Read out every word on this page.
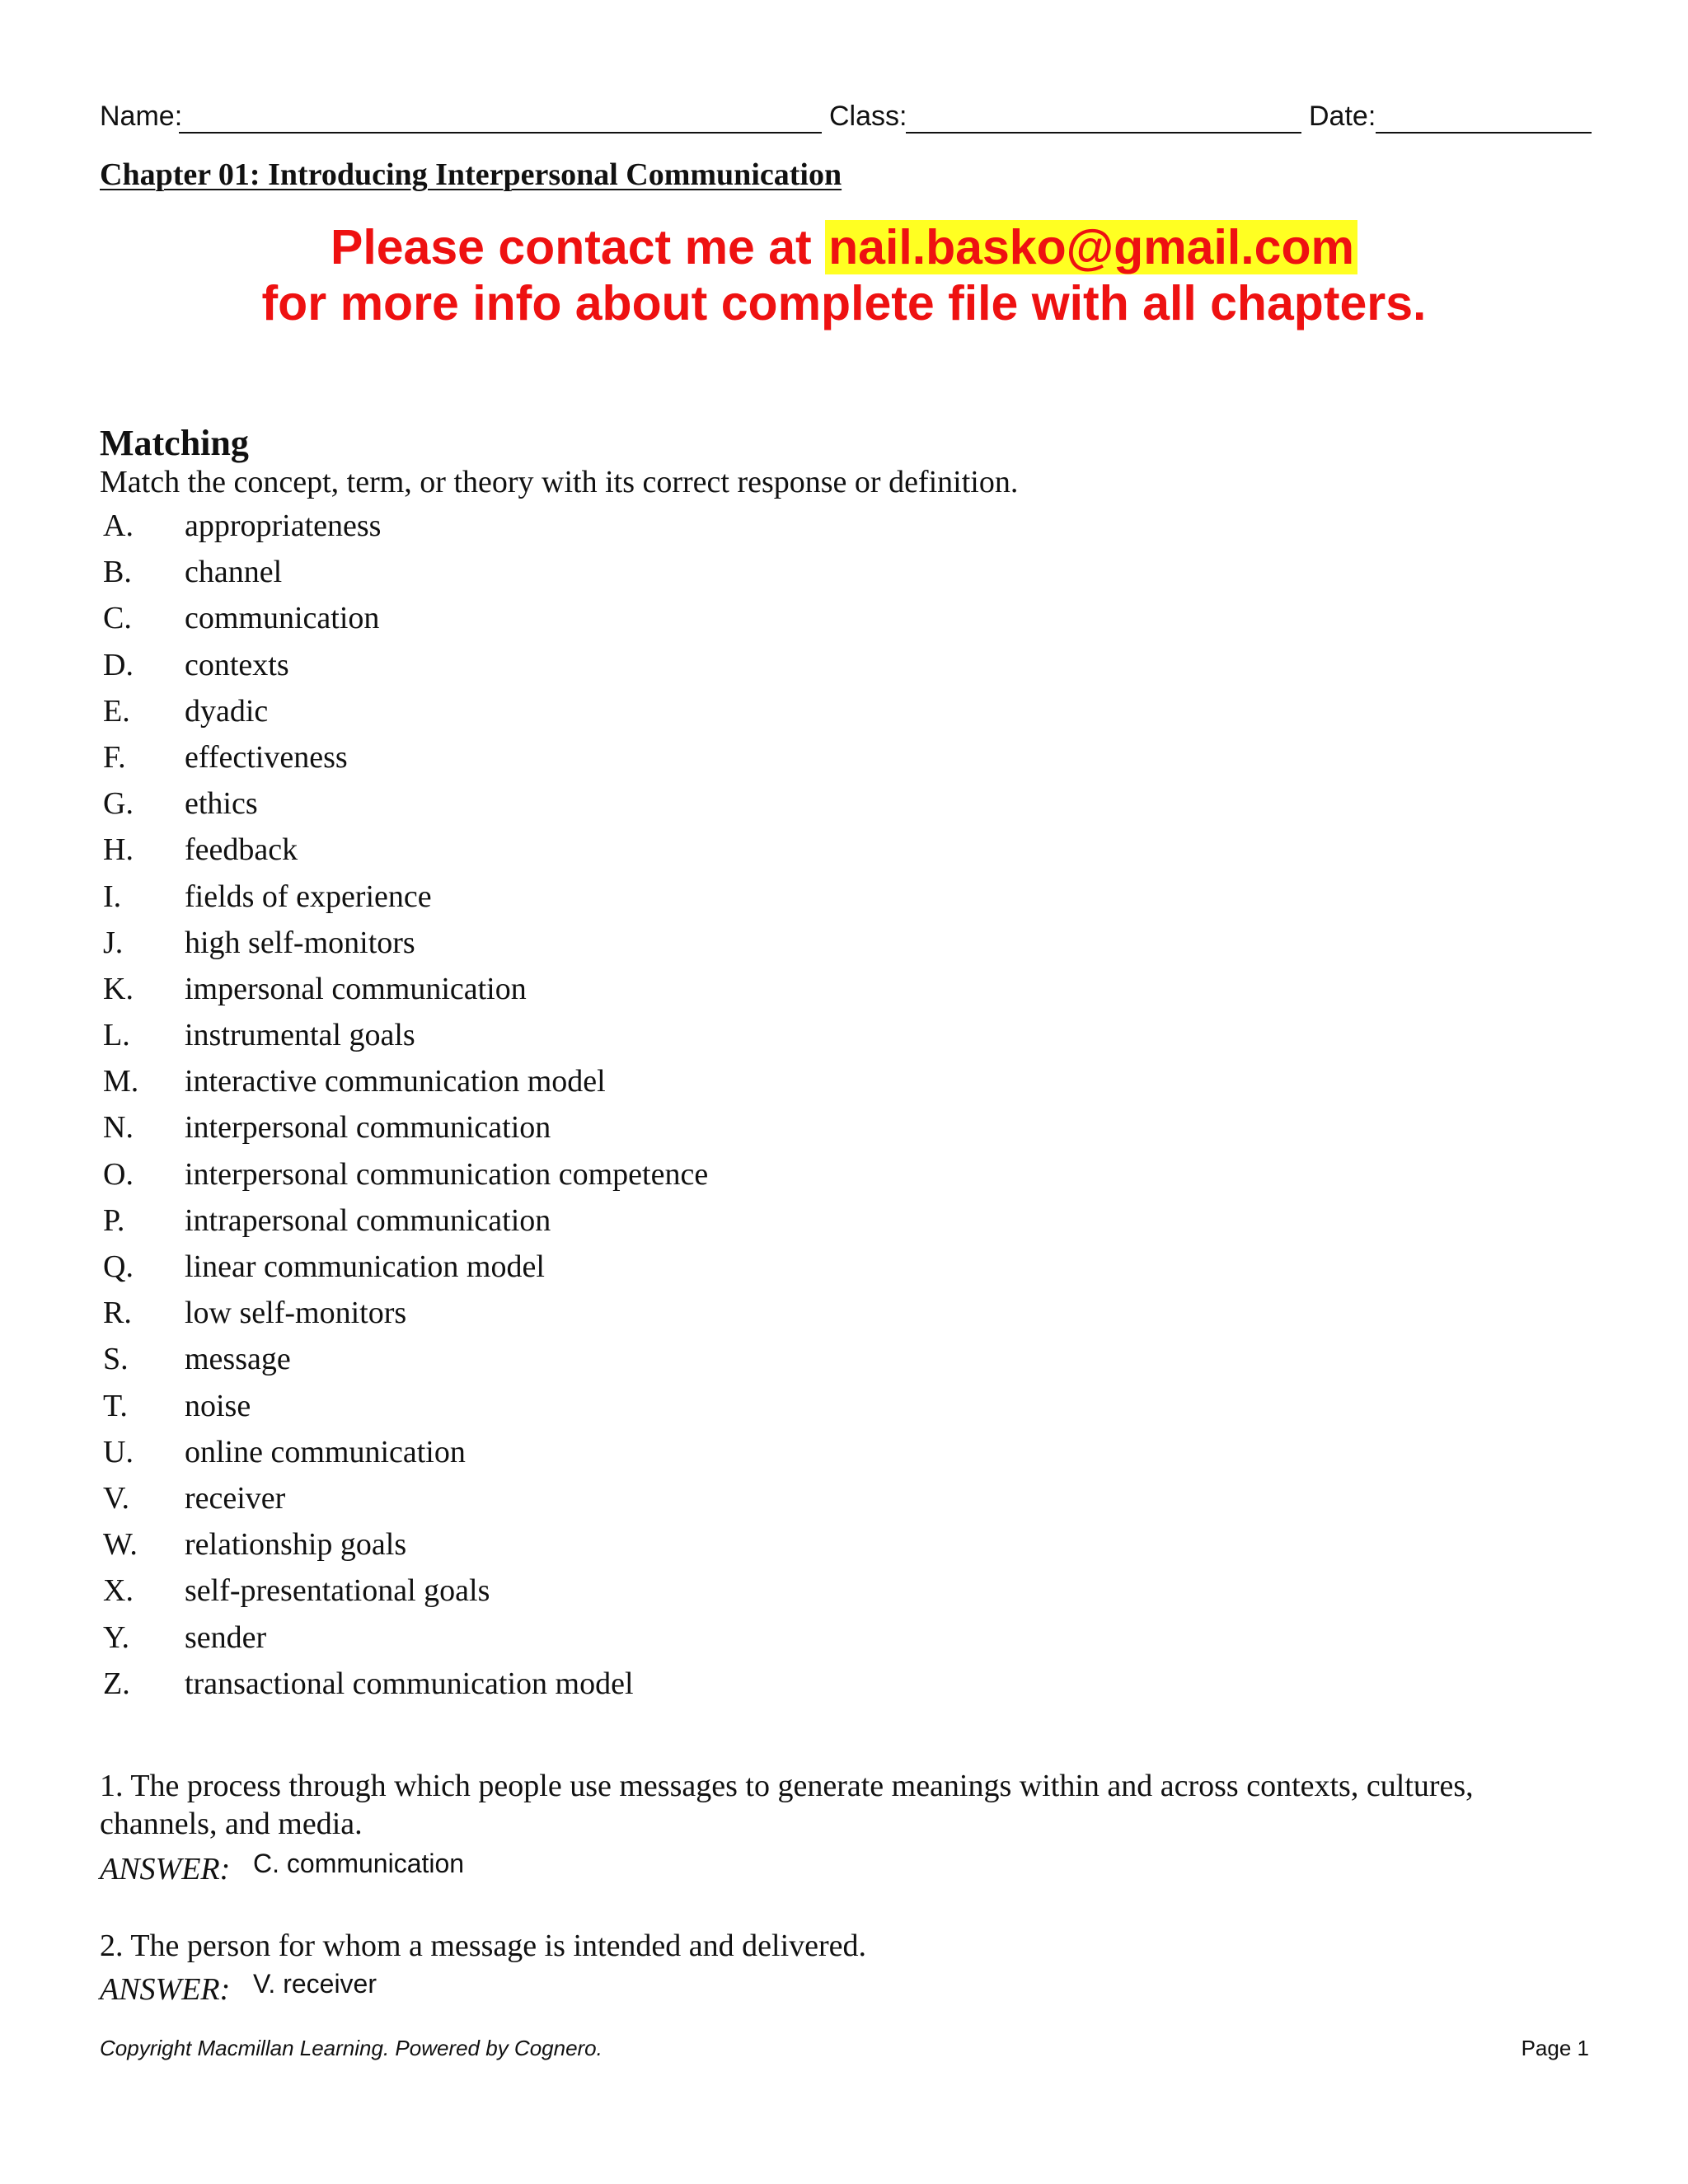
Name:	Class:	Date:
Chapter 01: Introducing Interpersonal Communication
Please contact me at nail.basko@gmail.com
for more info about complete file with all chapters.
Matching
Match the concept, term, or theory with its correct response or definition.
A. appropriateness
B. channel
C. communication
D. contexts
E. dyadic
F. effectiveness
G. ethics
H. feedback
I. fields of experience
J. high self-monitors
K. impersonal communication
L. instrumental goals
M. interactive communication model
N. interpersonal communication
O. interpersonal communication competence
P. intrapersonal communication
Q. linear communication model
R. low self-monitors
S. message
T. noise
U. online communication
V. receiver
W. relationship goals
X. self-presentational goals
Y. sender
Z. transactional communication model
1. The process through which people use messages to generate meanings within and across contexts, cultures, channels, and media.
ANSWER: C. communication
2. The person for whom a message is intended and delivered.
ANSWER: V. receiver
Copyright Macmillan Learning. Powered by Cognero.	Page 1
